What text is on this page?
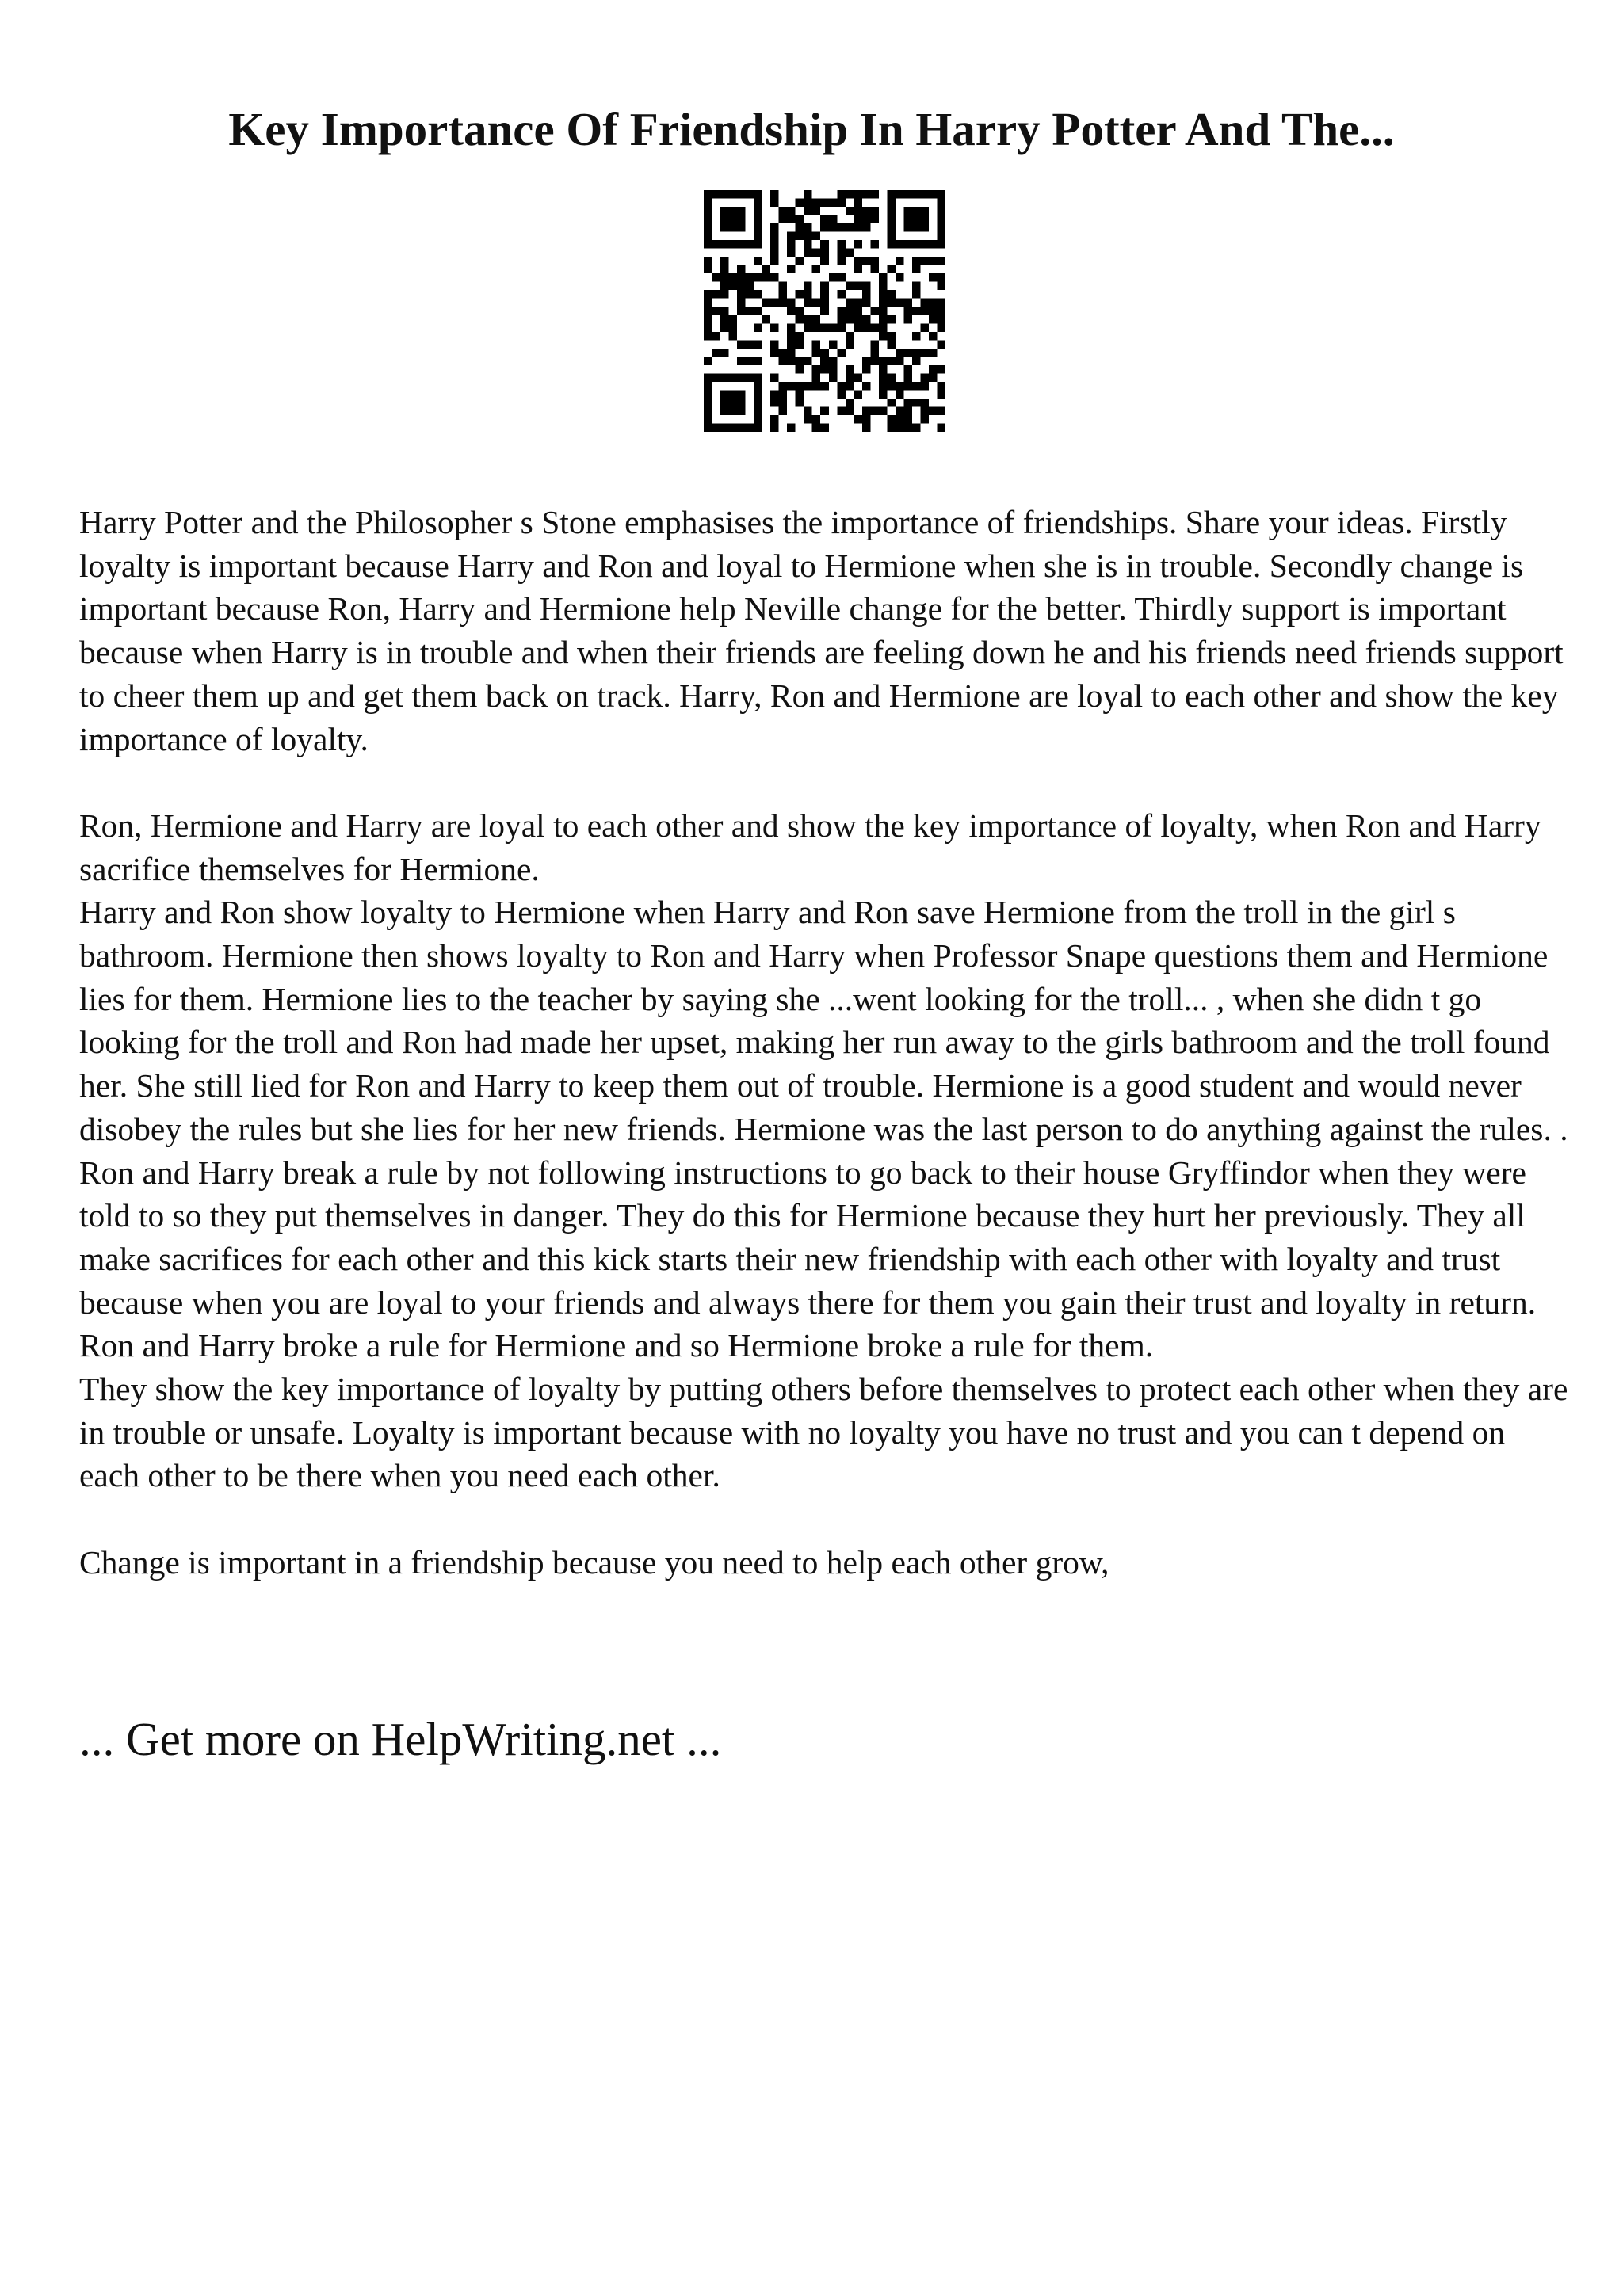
Key Importance Of Friendship In Harry Potter And The...

Harry Potter and the Philosopher s Stone emphasises the importance of friendships. Share your ideas. Firstly loyalty is important because Harry and Ron and loyal to Hermione when she is in trouble. Secondly change is important because Ron, Harry and Hermione help Neville change for the better. Thirdly support is important because when Harry is in trouble and when their friends are feeling down he and his friends need friends support to cheer them up and get them back on track. Harry, Ron and Hermione are loyal to each other and show the key importance of loyalty.

Ron, Hermione and Harry are loyal to each other and show the key importance of loyalty, when Ron and Harry sacrifice themselves for Hermione.

Harry and Ron show loyalty to Hermione when Harry and Ron save Hermione from the troll in the girl s bathroom. Hermione then shows loyalty to Ron and Harry when Professor Snape questions them and Hermione lies for them. Hermione lies to the teacher by saying she ...went looking for the troll... , when she didn t go looking for the troll and Ron had made her upset, making her run away to the girls bathroom and the troll found her. She still lied for Ron and Harry to keep them out of trouble. Hermione is a good student and would never disobey the rules but she lies for her new friends. Hermione was the last person to do anything against the rules. . Ron and Harry break a rule by not following instructions to go back to their house Gryffindor when they were told to so they put themselves in danger. They do this for Hermione because they hurt her previously. They all make sacrifices for each other and this kick starts their new friendship with each other with loyalty and trust because when you are loyal to your friends and always there for them you gain their trust and loyalty in return. Ron and Harry broke a rule for Hermione and so Hermione broke a rule for them.

They show the key importance of loyalty by putting others before themselves to protect each other when they are in trouble or unsafe. Loyalty is important because with no loyalty you have no trust and you can t depend on each other to be there when you need each other.

Change is important in a friendship because you need to help each other grow,

... Get more on HelpWriting.net ...
